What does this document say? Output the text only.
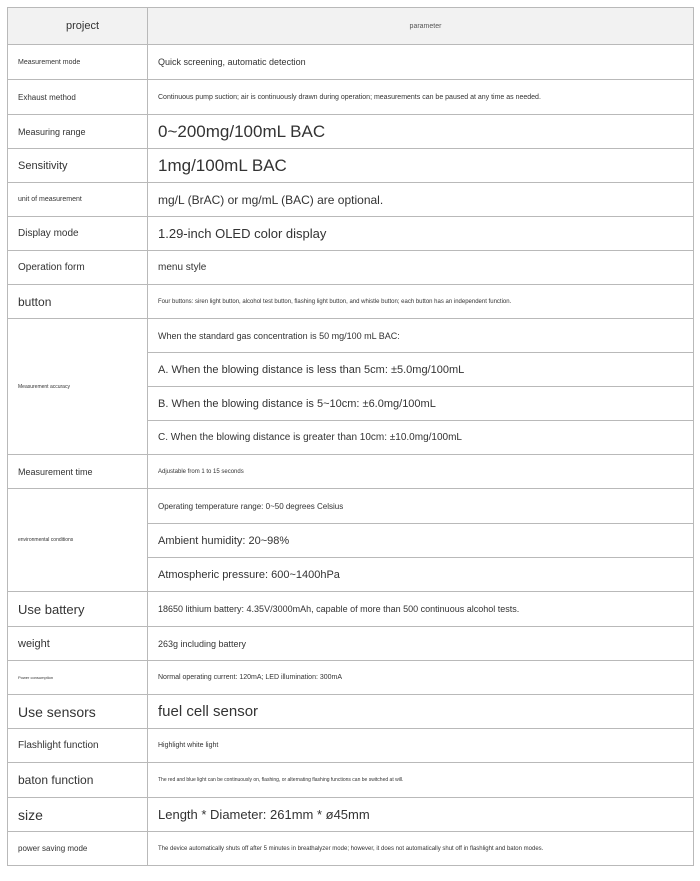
project	parameter
Measurement mode	Quick screening, automatic detection
Exhaust method	Continuous pump suction; air is continuously drawn during operation; measurements can be paused at any time as needed.
Measuring range	0~200mg/100mL BAC
Sensitivity	1mg/100mL BAC
unit of measurement	mg/L (BrAC) or mg/mL (BAC) are optional.
Display mode	1.29-inch OLED color display
Operation form	menu style
button	Four buttons: siren light button, alcohol test button, flashing light button, and whistle button; each button has an independent function.
Measurement accuracy	When the standard gas concentration is 50 mg/100 mL BAC:
	A. When the blowing distance is less than 5cm: ±5.0mg/100mL
	B. When the blowing distance is 5~10cm: ±6.0mg/100mL
	C. When the blowing distance is greater than 10cm: ±10.0mg/100mL
Measurement time	Adjustable from 1 to 15 seconds
environmental conditions	Operating temperature range: 0~50 degrees Celsius
	Ambient humidity: 20~98%
	Atmospheric pressure: 600~1400hPa
Use battery	18650 lithium battery: 4.35V/3000mAh, capable of more than 500 continuous alcohol tests.
weight	263g including battery
Power consumption	Normal operating current: 120mA; LED illumination: 300mA
Use sensors	fuel cell sensor
Flashlight function	Highlight white light
baton function	The red and blue light can be continuously on, flashing, or alternating flashing functions can be switched at will.
size	Length * Diameter: 261mm * ø45mm
power saving mode	The device automatically shuts off after 5 minutes in breathalyzer mode; however, it does not automatically shut off in flashlight and baton modes.
